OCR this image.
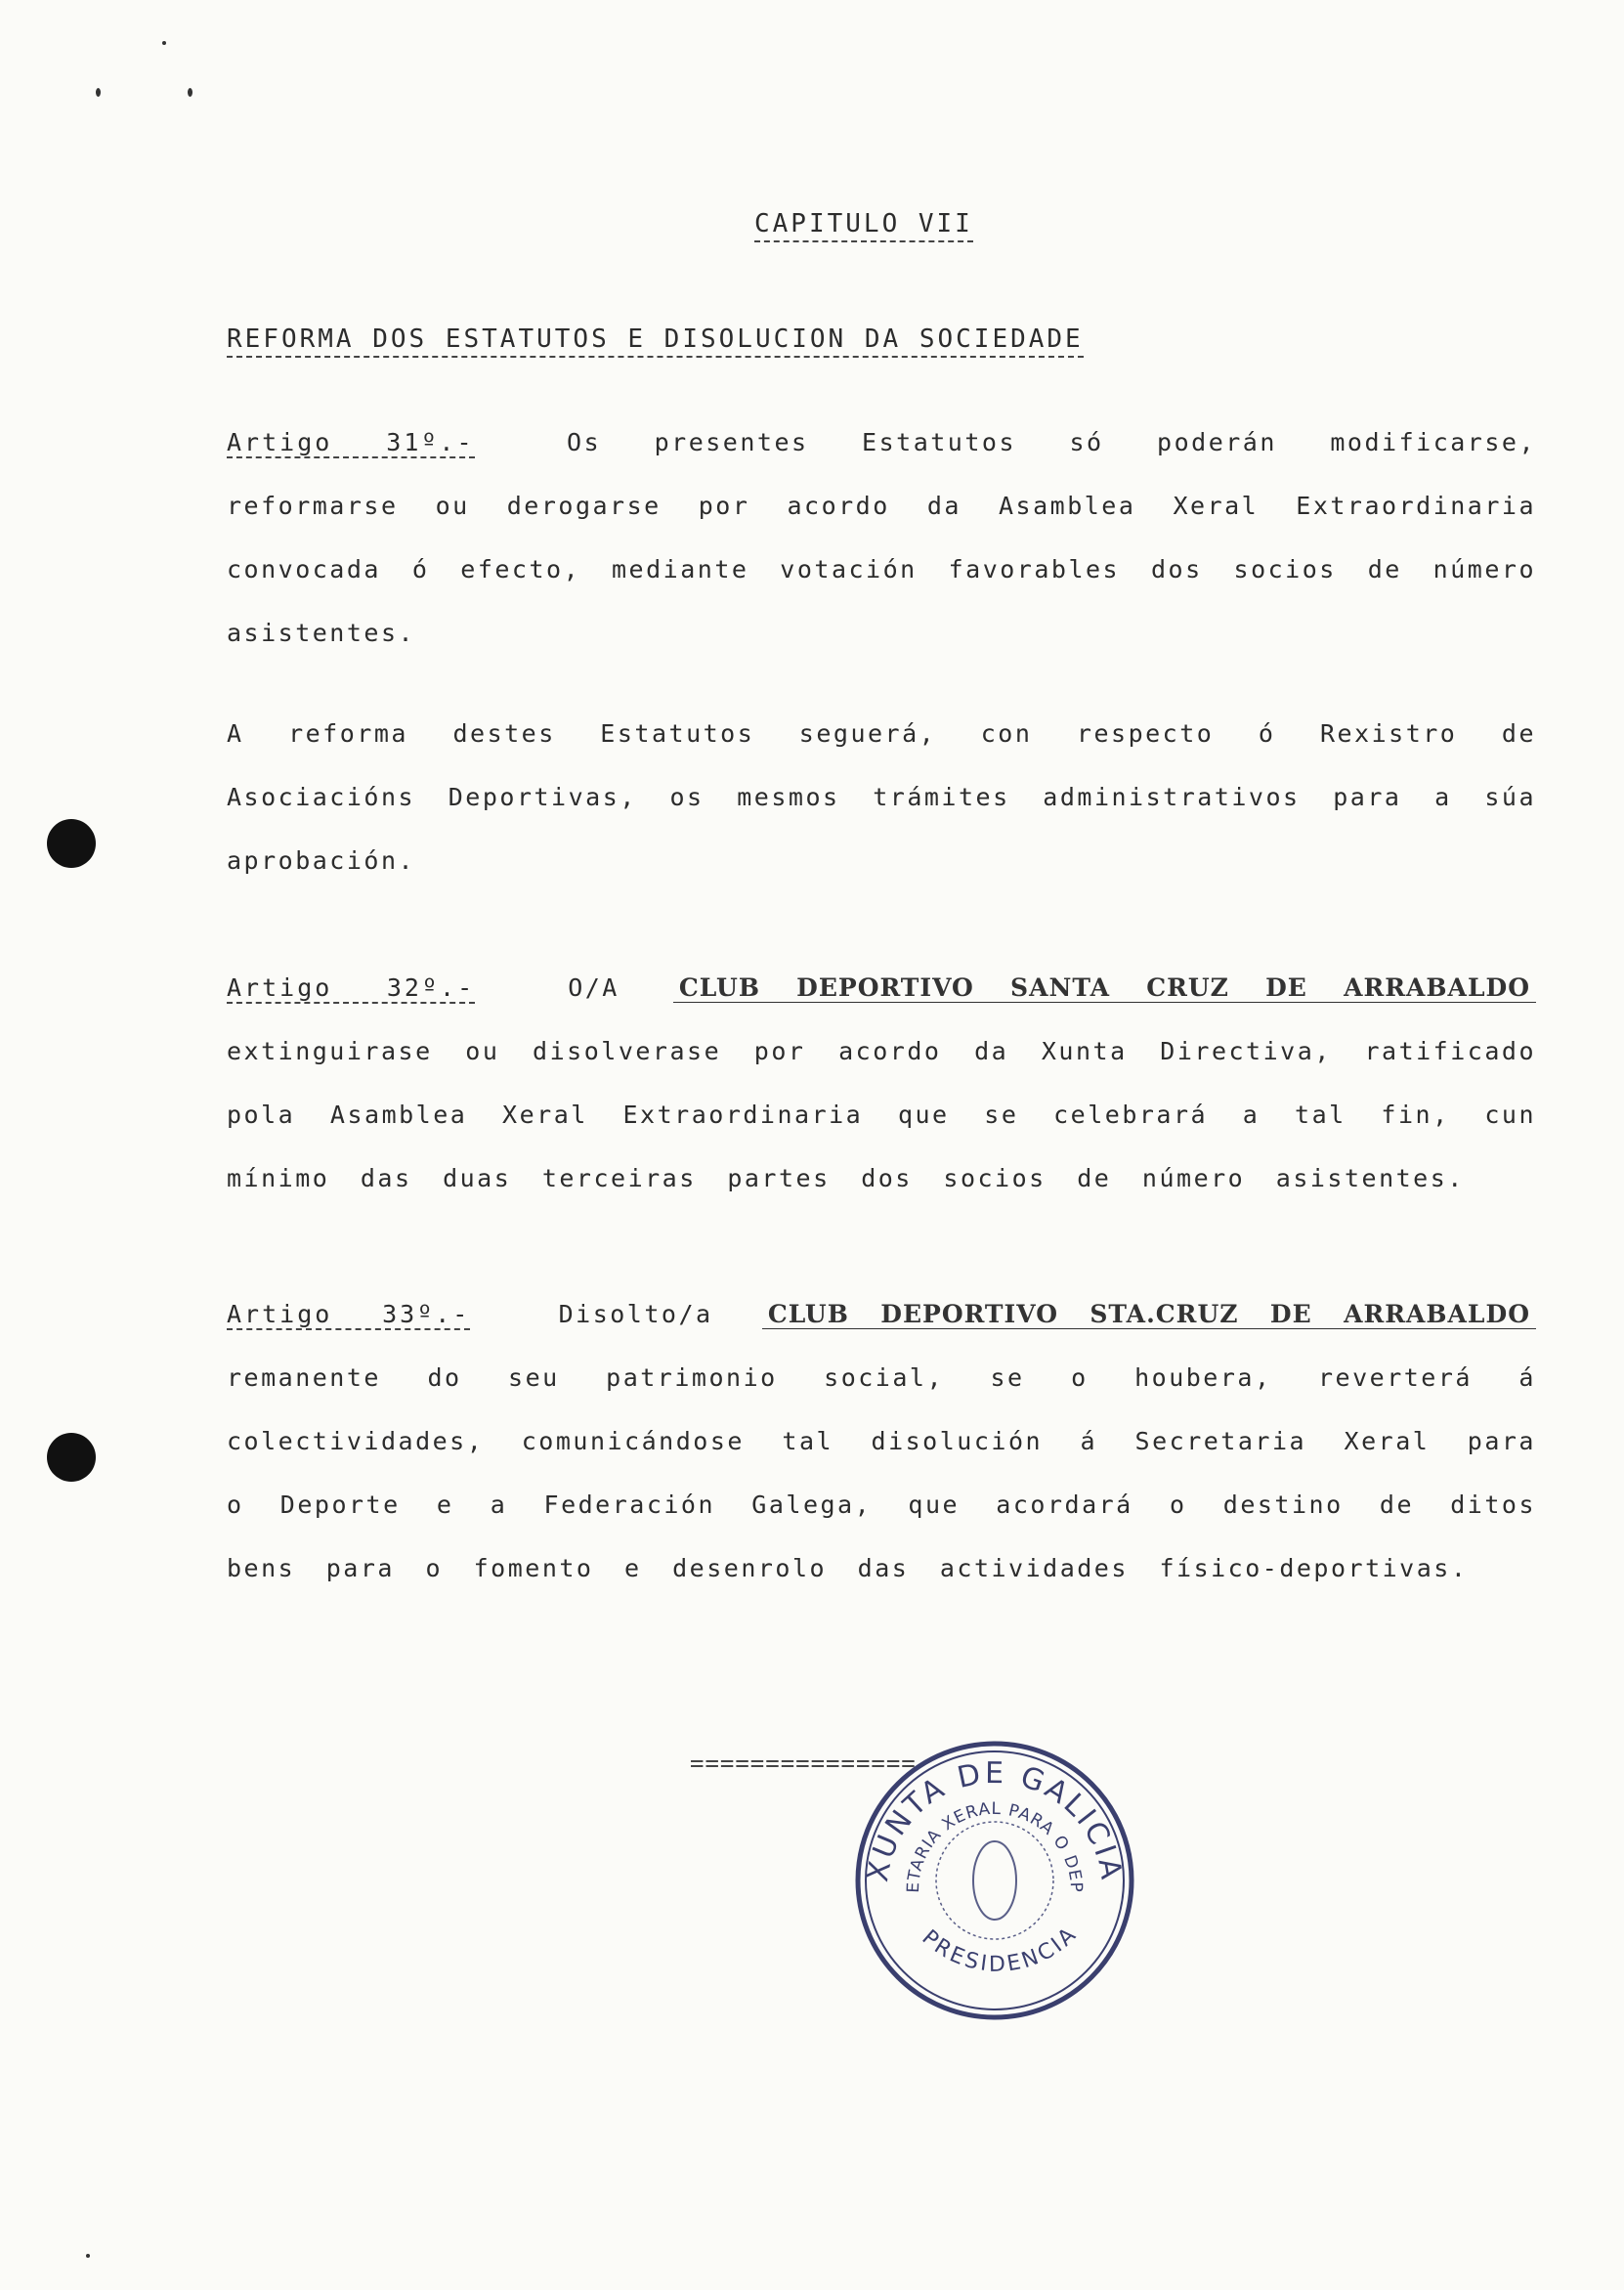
CAPITULO VII
REFORMA DOS ESTATUTOS E DISOLUCION DA SOCIEDADE
Artigo 31º.-	Os presentes Estatutos só poderán modificarse, reformarse ou derogarse por acordo da Asamblea Xeral Extraordinaria convocada ó efecto, mediante votación favorables dos socios de número asistentes.
A reforma destes Estatutos seguerá, con respecto ó Rexistro de Asociacións Deportivas, os mesmos trámites administrativos para a súa aprobación.
Artigo 32º.-	O/A CLUB DEPORTIVO SANTA CRUZ DE ARRABALDO extinguirase ou disolverase por acordo da Xunta Directiva, ratificado pola Asamblea Xeral Extraordinaria que se celebrará a tal fin, cun mínimo das duas terceiras partes dos socios de número asistentes.
Artigo 33º.-	Disolto/a CLUB DEPORTIVO STA.CRUZ DE ARRABALDO remanente do seu patrimonio social, se o houbera, reverterá á colectividades, comunicándose tal disolución á Secretaria Xeral para o Deporte e a Federación Galega, que acordará o destino de ditos bens para o fomento e desenrolo das actividades físico-deportivas.
===============
XUNTA DE GALICIA
ETARIA XERAL PARA O DEP
PRESIDENCIA
